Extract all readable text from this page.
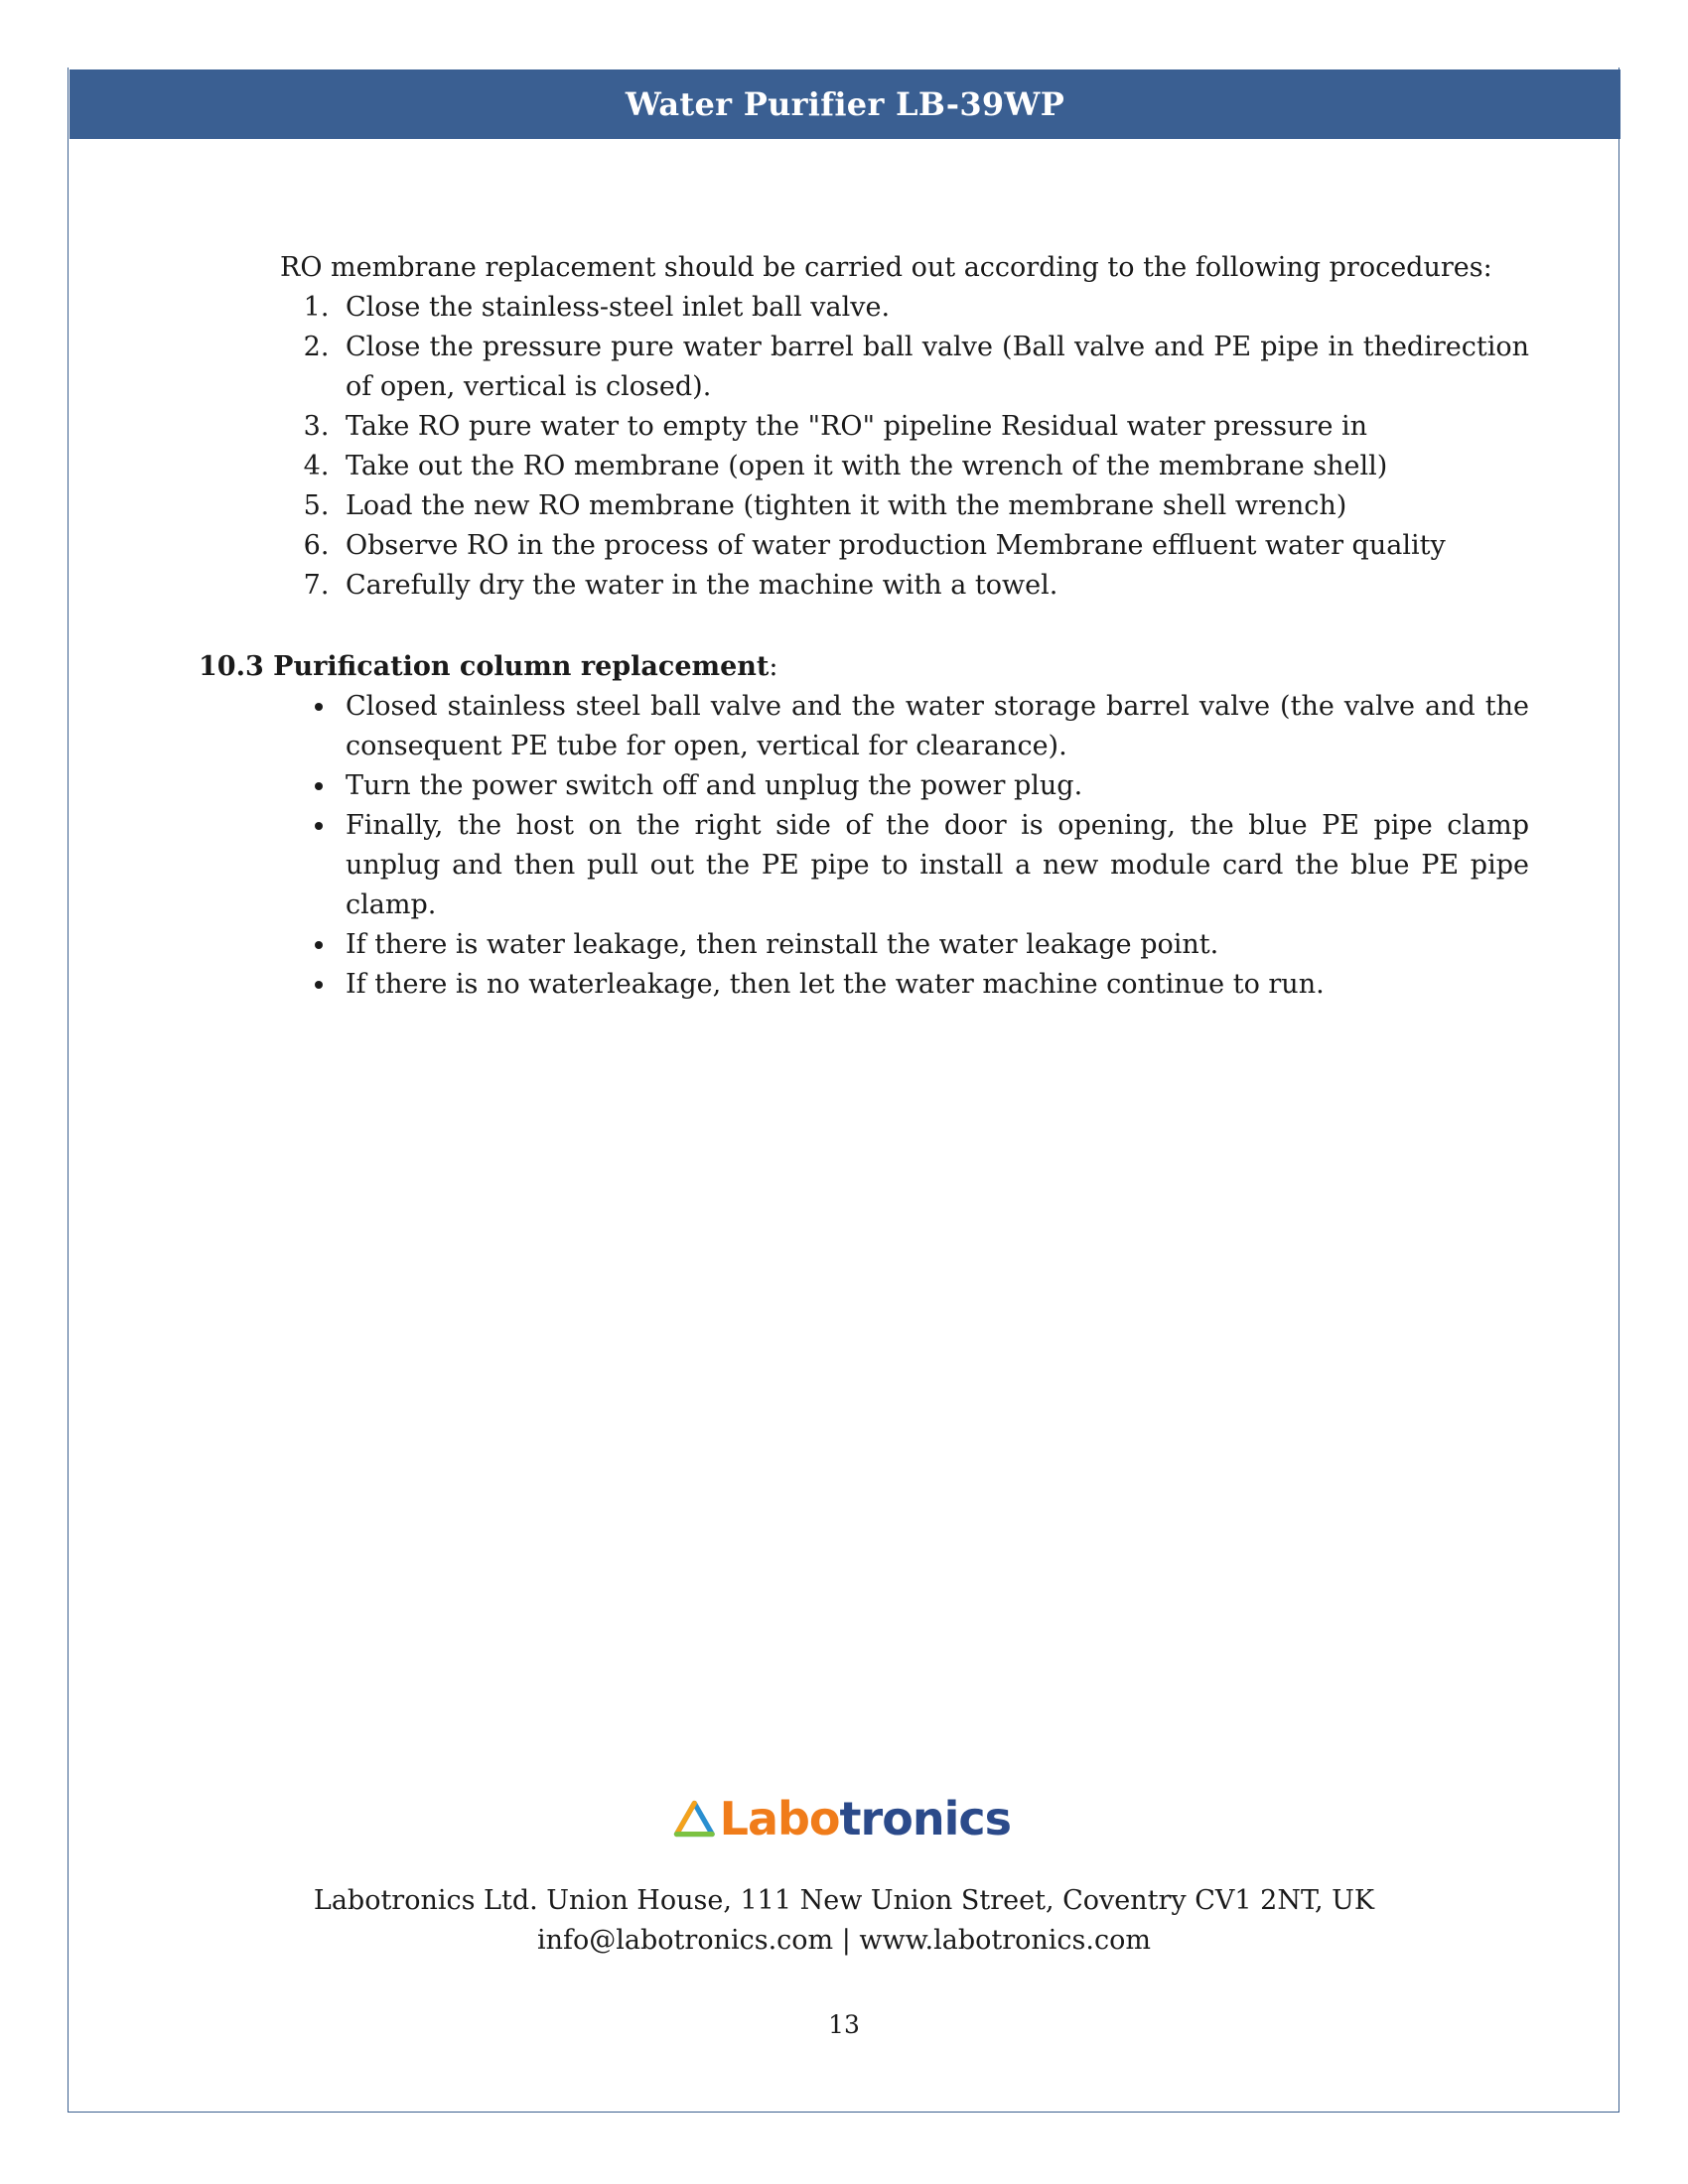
Water Purifier LB-39WP

RO membrane replacement should be carried out according to the following procedures:

1. Close the stainless-steel inlet ball valve.
2. Close the pressure pure water barrel ball valve (Ball valve and PE pipe in thedirection of open, vertical is closed).
3. Take RO pure water to empty the "RO" pipeline Residual water pressure in
4. Take out the RO membrane (open it with the wrench of the membrane shell)
5. Load the new RO membrane (tighten it with the membrane shell wrench)
6. Observe RO in the process of water production Membrane effluent water quality
7. Carefully dry the water in the machine with a towel.

10.3 Purification column replacement:

• Closed stainless steel ball valve and the water storage barrel valve (the valve and the consequent PE tube for open, vertical for clearance).
• Turn the power switch off and unplug the power plug.
• Finally, the host on the right side of the door is opening, the blue PE pipe clamp unplug and then pull out the PE pipe to install a new module card the blue PE pipe clamp.
• If there is water leakage, then reinstall the water leakage point.
• If there is no waterleakage, then let the water machine continue to run.
Labotronics
Labotronics Ltd. Union House, 111 New Union Street, Coventry CV1 2NT, UK
info@labotronics.com | www.labotronics.com
13
